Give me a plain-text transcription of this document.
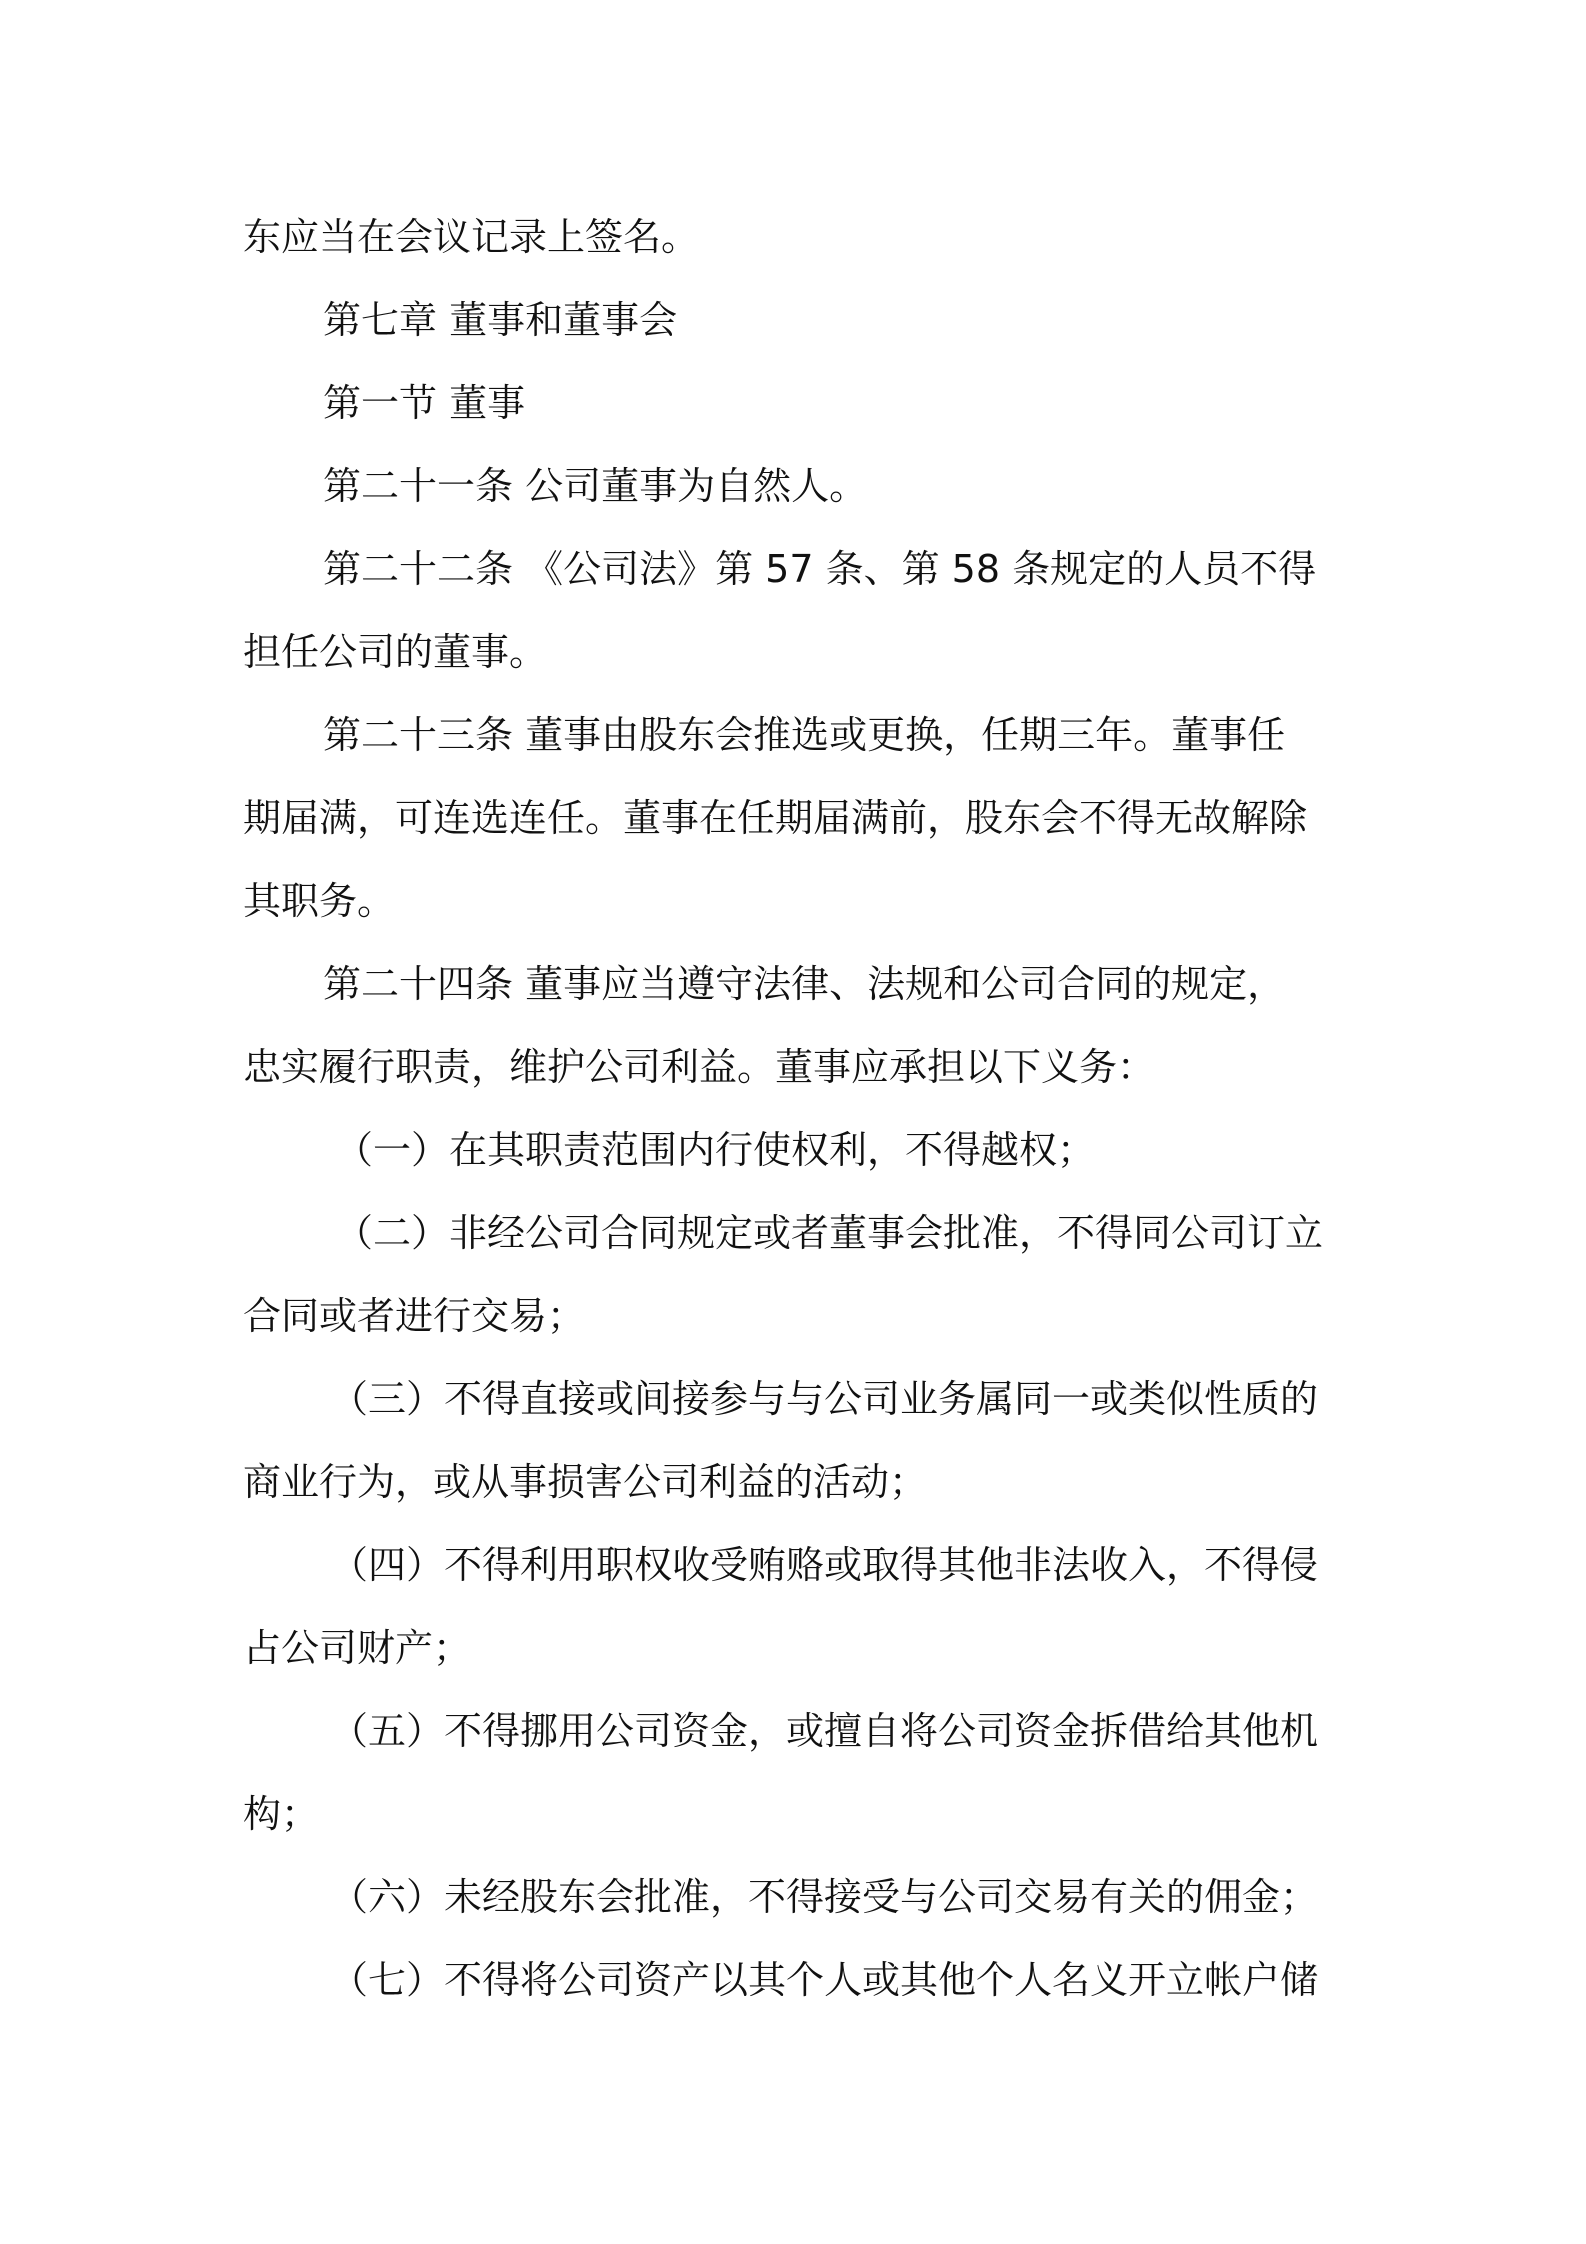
东应当在会议记录上签名。
第七章 董事和董事会
第一节 董事
第二十一条 公司董事为自然人。
第二十二条 《公司法》第 57 条、第 58 条规定的人员不得
担任公司的董事。
第二十三条 董事由股东会推选或更换，任期三年。董事任
期届满，可连选连任。董事在任期届满前，股东会不得无故解除
其职务。
第二十四条 董事应当遵守法律、法规和公司合同的规定，
忠实履行职责，维护公司利益。董事应承担以下义务：
（一）在其职责范围内行使权利，不得越权；
（二）非经公司合同规定或者董事会批准，不得同公司订立
合同或者进行交易；
（三）不得直接或间接参与与公司业务属同一或类似性质的
商业行为，或从事损害公司利益的活动；
（四）不得利用职权收受贿赂或取得其他非法收入，不得侵
占公司财产；
（五）不得挪用公司资金，或擅自将公司资金拆借给其他机
构；
（六）未经股东会批准，不得接受与公司交易有关的佣金；
（七）不得将公司资产以其个人或其他个人名义开立帐户储
